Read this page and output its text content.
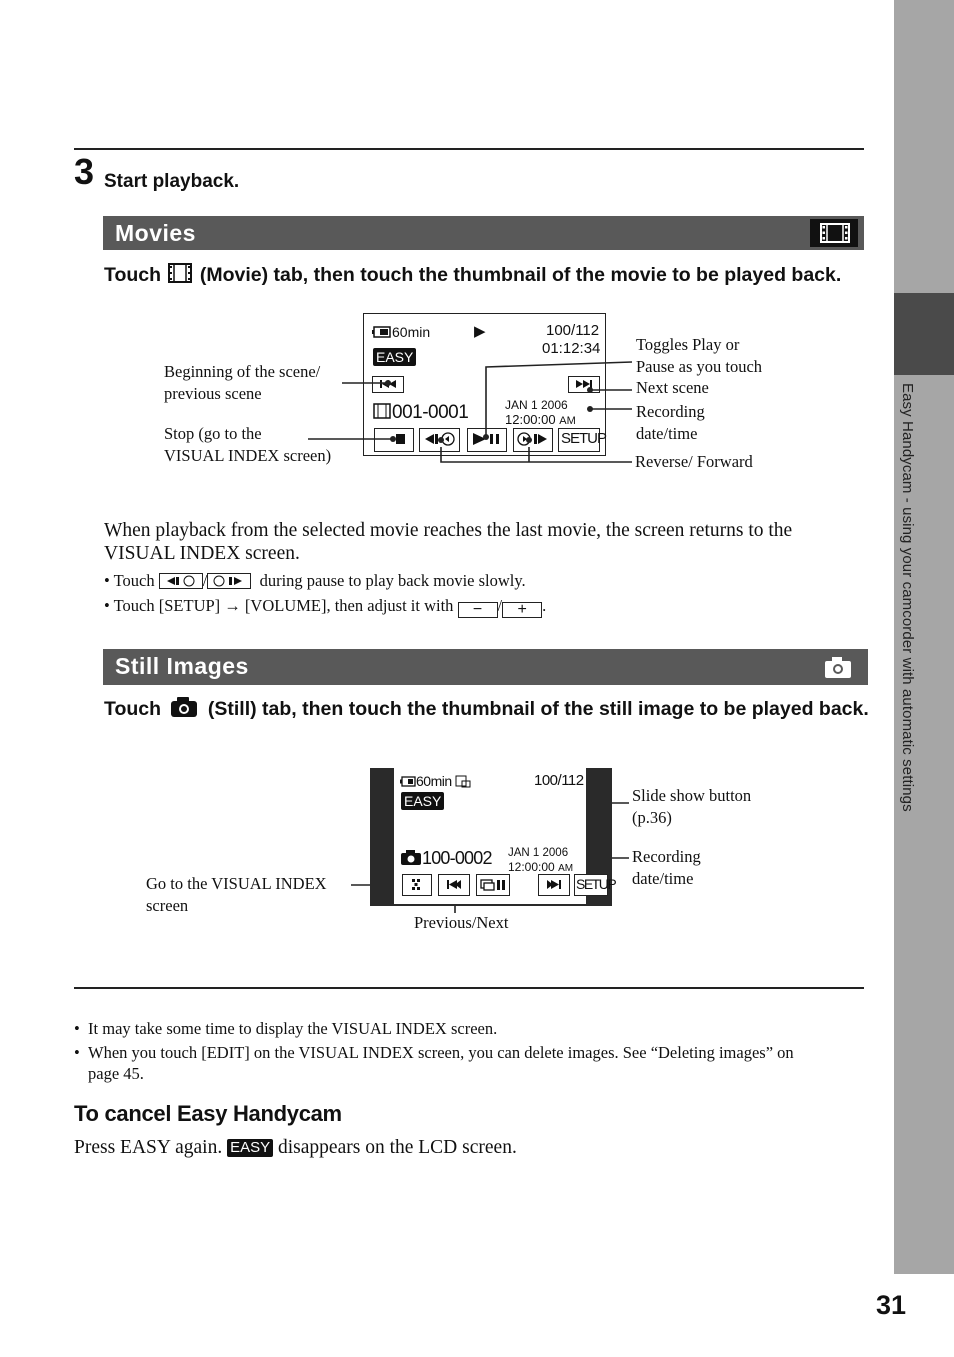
Easy Handycam - using your camcorder with automatic settings
3 Start playback.
Movies
Touch (Movie) tab, then touch the thumbnail of the movie to be played back.
60min	▶	100/112
01:12:34
EASY
001-0001	JAN 1 2006
12:00:00 AM
SETUP
Beginning of the scene/
previous scene
Stop (go to the
VISUAL INDEX screen)
Toggles Play or
Pause as you touch
Next scene
Recording
date/time
Reverse/ Forward
When playback from the selected movie reaches the last movie, the screen returns to the VISUAL INDEX screen.
• Touch	/	during pause to play back movie slowly.
• Touch [SETUP] → [VOLUME], then adjust it with − / + .
Still Images
Touch (Still) tab, then touch the thumbnail of the still image to be played back.
60min	100/112
EASY
100-0002 JAN 1 2006
12:00:00 AM
SETUP
Slide show button
(p.36)
Recording
date/time
Go to the VISUAL INDEX
screen
Previous/Next
•  It may take some time to display the VISUAL INDEX screen.
•  When you touch [EDIT] on the VISUAL INDEX screen, you can delete images. See “Deleting images” on
page 45.
To cancel Easy Handycam
Press EASY again. EASY disappears on the LCD screen.
31
